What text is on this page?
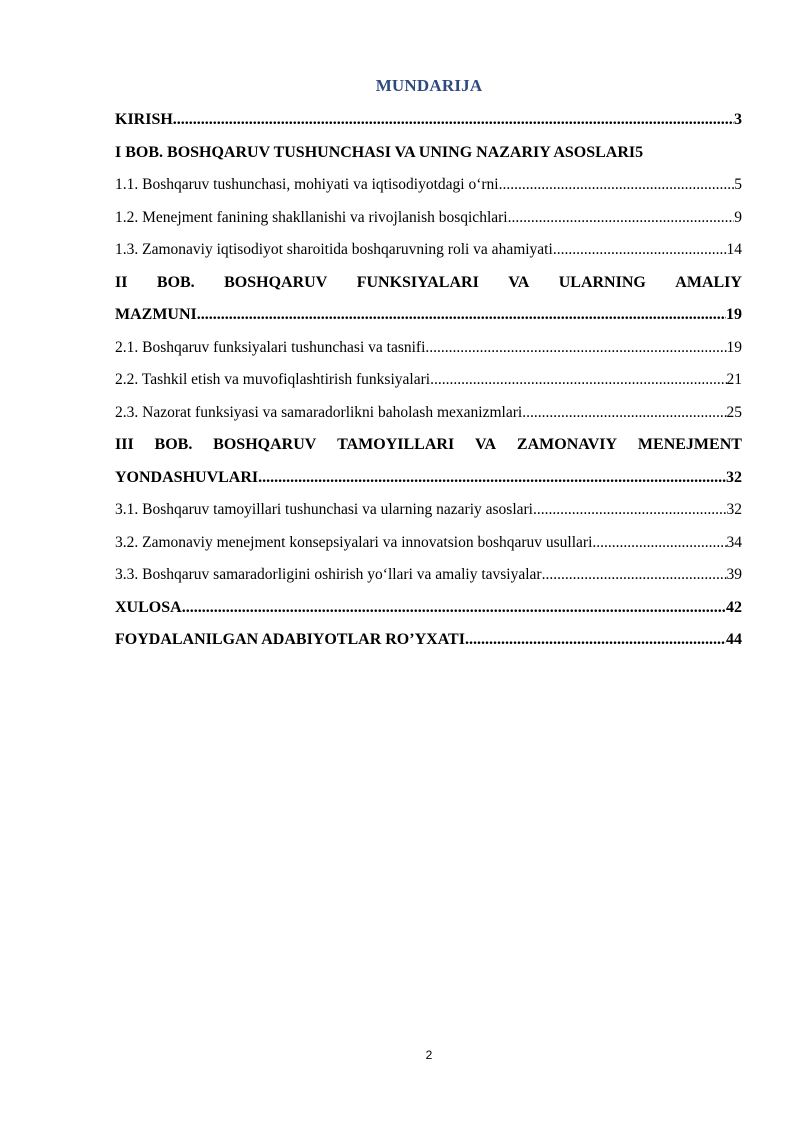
MUNDARIJA
KIRISH .....	3
I BOB. BOSHQARUV TUSHUNCHASI VA UNING NAZARIY ASOSLARI 5
1.1. Boshqaruv tushunchasi, mohiyati va iqtisodiyotdagi o‘rni .....	5
1.2. Menejment fanining shakllanishi va rivojlanish bosqichlari .....	9
1.3. Zamonaviy iqtisodiyot sharoitida boshqaruvning roli va ahamiyati .....	14
II BOB. BOSHQARUV FUNKSIYALARI VA ULARNING AMALIY
MAZMUNI .....	19
2.1. Boshqaruv funksiyalari tushunchasi va tasnifi .....	19
2.2. Tashkil etish va muvofiqlashtirish funksiyalari .....	21
2.3. Nazorat funksiyasi va samaradorlikni baholash mexanizmlari .....	25
III BOB. BOSHQARUV TAMOYILLARI VA ZAMONAVIY MENEJMENT
YONDASHUVLARI .....	32
3.1. Boshqaruv tamoyillari tushunchasi va ularning nazariy asoslari .....	32
3.2. Zamonaviy menejment konsepsiyalari va innovatsion boshqaruv usullari .....	34
3.3. Boshqaruv samaradorligini oshirish yo‘llari va amaliy tavsiyalar .....	39
XULOSA .....	42
FOYDALANILGAN ADABIYOTLAR RO’YXATI .....	44
2
